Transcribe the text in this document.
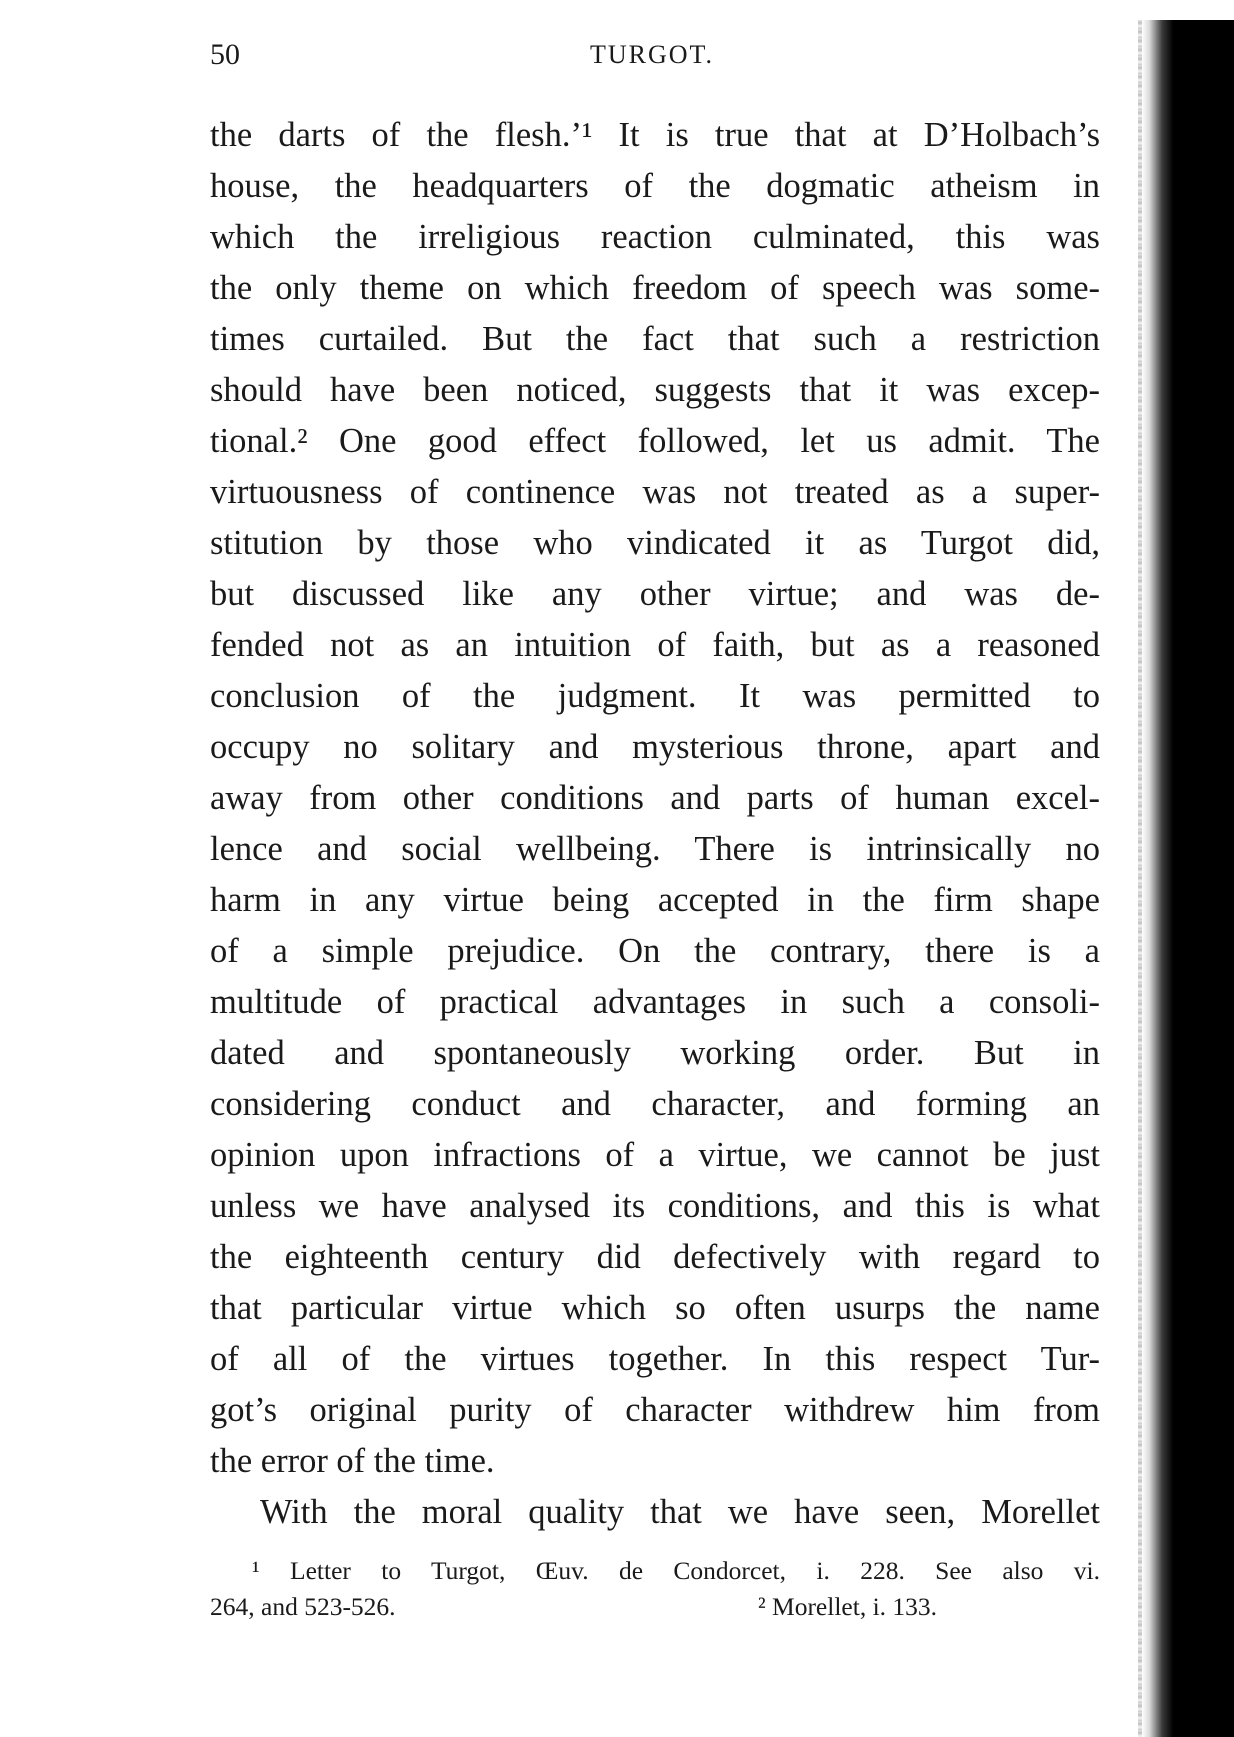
50	TURGOT.
the darts of the flesh.’¹ It is true that at D’Holbach’s
house, the headquarters of the dogmatic atheism in
which the irreligious reaction culminated, this was
the only theme on which freedom of speech was some-
times curtailed. But the fact that such a restriction
should have been noticed, suggests that it was excep-
tional.² One good effect followed, let us admit. The
virtuousness of continence was not treated as a super-
stitution by those who vindicated it as Turgot did,
but discussed like any other virtue; and was de-
fended not as an intuition of faith, but as a reasoned
conclusion of the judgment. It was permitted to
occupy no solitary and mysterious throne, apart and
away from other conditions and parts of human excel-
lence and social wellbeing. There is intrinsically no
harm in any virtue being accepted in the firm shape
of a simple prejudice. On the contrary, there is a
multitude of practical advantages in such a consoli-
dated and spontaneously working order. But in
considering conduct and character, and forming an
opinion upon infractions of a virtue, we cannot be just
unless we have analysed its conditions, and this is what
the eighteenth century did defectively with regard to
that particular virtue which so often usurps the name
of all of the virtues together. In this respect Tur-
got’s original purity of character withdrew him from
the error of the time.
With the moral quality that we have seen, Morellet
¹ Letter to Turgot, Œuv. de Condorcet, i. 228. See also vi.
264, and 523-526.	² Morellet, i. 133.
